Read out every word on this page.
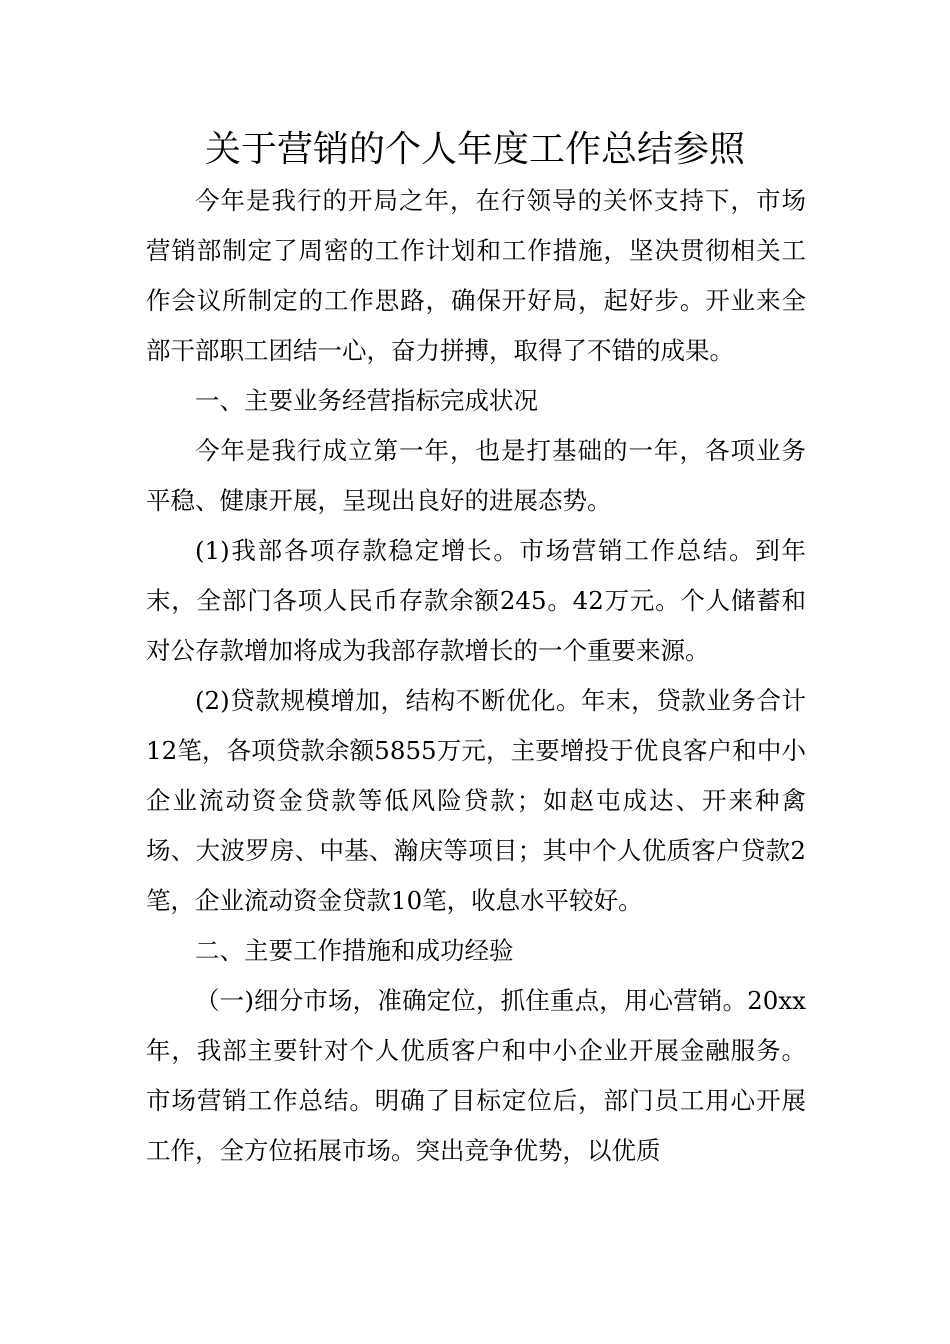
关于营销的个人年度工作总结参照

今年是我行的开局之年，在行领导的关怀支持下，市场营销部制定了周密的工作计划和工作措施，坚决贯彻相关工作会议所制定的工作思路，确保开好局，起好步。开业来全部干部职工团结一心，奋力拼搏，取得了不错的成果。

一、主要业务经营指标完成状况

今年是我行成立第一年，也是打基础的一年，各项业务平稳、健康开展，呈现出良好的进展态势。

(1)我部各项存款稳定增长。市场营销工作总结。到年末，全部门各项人民币存款余额245。42万元。个人储蓄和对公存款增加将成为我部存款增长的一个重要来源。

(2)贷款规模增加，结构不断优化。年末，贷款业务合计12笔，各项贷款余额5855万元，主要增投于优良客户和中小企业流动资金贷款等低风险贷款；如赵屯成达、开来种禽场、大波罗房、中基、瀚庆等项目；其中个人优质客户贷款2笔，企业流动资金贷款10笔，收息水平较好。

二、主要工作措施和成功经验

（一)细分市场，准确定位，抓住重点，用心营销。20xx年，我部主要针对个人优质客户和中小企业开展金融服务。市场营销工作总结。明确了目标定位后，部门员工用心开展工作，全方位拓展市场。突出竞争优势，以优质
